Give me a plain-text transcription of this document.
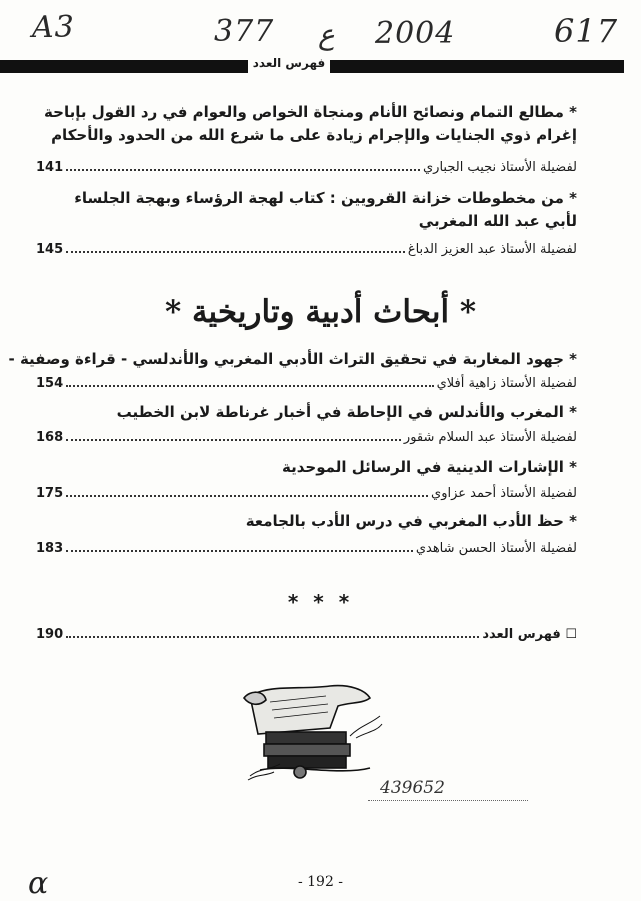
A3	377 ع 2004	617
فهرس العدد
* مطالع التمام ونصائح الأنام ومنجاة الخواص والعوام في رد القول بإباحة
إغرام ذوي الجنايات والإجرام زيادة على ما شرع الله من الحدود والأحكام
141	لفضيلة الأستاذ نجيب الجباري
* من مخطوطات خزانة القرويين : كتاب لهجة الرؤساء وبهجة الجلساء
لأبي عبد الله المغربي
145	لفضيلة الأستاذ عبد العزيز الدباغ
* أبحاث أدبية وتاريخية *
* جهود المغاربة في تحقيق التراث الأدبي المغربي والأندلسي - قراءة وصفية -
154	لفضيلة الأستاذ زاهية أفلاي
* المغرب والأندلس في الإحاطة في أخبار غرناطة لابن الخطيب
168	لفضيلة الأستاذ عبد السلام شقور
* الإشارات الدينية في الرسائل الموحدية
175	لفضيلة الأستاذ أحمد عزاوي
* حظ الأدب المغربي في درس الأدب بالجامعة
183	لفضيلة الأستاذ الحسن شاهدي
* * *
190	☐ فهرس العدد
439652
α	- 192 -
